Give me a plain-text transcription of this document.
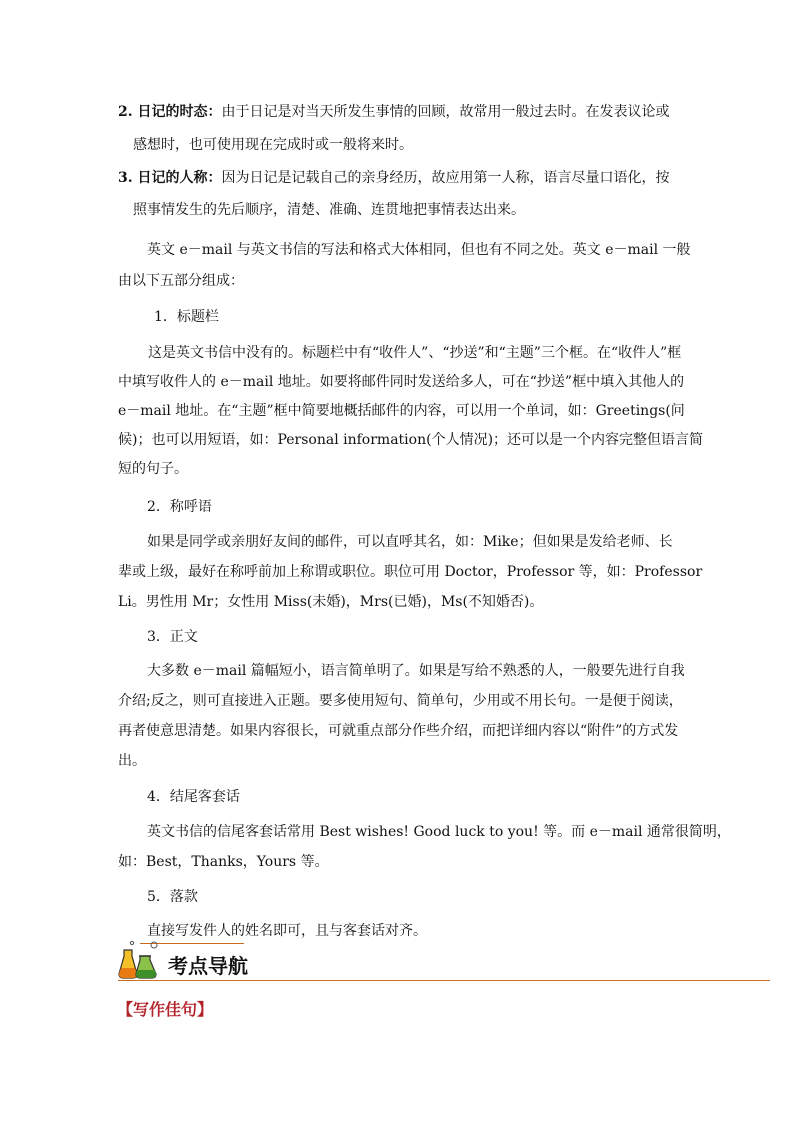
2. 日记的时态：由于日记是对当天所发生事情的回顾，故常用一般过去时。在发表议论或
感想时，也可使用现在完成时或一般将来时。
3. 日记的人称：因为日记是记载自己的亲身经历，故应用第一人称，语言尽量口语化，按
照事情发生的先后顺序，清楚、准确、连贯地把事情表达出来。
英文 e－mail 与英文书信的写法和格式大体相同，但也有不同之处。英文 e－mail 一般
由以下五部分组成：
1．标题栏
这是英文书信中没有的。标题栏中有“收件人”、“抄送”和“主题”三个框。在“收件人”框
中填写收件人的 e－mail 地址。如要将邮件同时发送给多人，可在“抄送”框中填入其他人的
e－mail 地址。在“主题”框中简要地概括邮件的内容，可以用一个单词，如：Greetings(问
候)；也可以用短语，如：Personal information(个人情况)；还可以是一个内容完整但语言简
短的句子。
2．称呼语
如果是同学或亲朋好友间的邮件，可以直呼其名，如：Mike；但如果是发给老师、长
辈或上级，最好在称呼前加上称谓或职位。职位可用 Doctor，Professor 等，如：Professor
Li。男性用 Mr；女性用 Miss(未婚)，Mrs(已婚)，Ms(不知婚否)。
3．正文
大多数 e－mail 篇幅短小，语言简单明了。如果是写给不熟悉的人，一般要先进行自我
介绍;反之，则可直接进入正题。要多使用短句、简单句，少用或不用长句。一是便于阅读，
再者使意思清楚。如果内容很长，可就重点部分作些介绍，而把详细内容以“附件”的方式发
出。
4．结尾客套话
英文书信的信尾客套话常用 Best wishes! Good luck to you! 等。而 e－mail 通常很简明，
如：Best，Thanks，Yours 等。
5．落款
直接写发件人的姓名即可，且与客套话对齐。
考点导航
【写作佳句】
